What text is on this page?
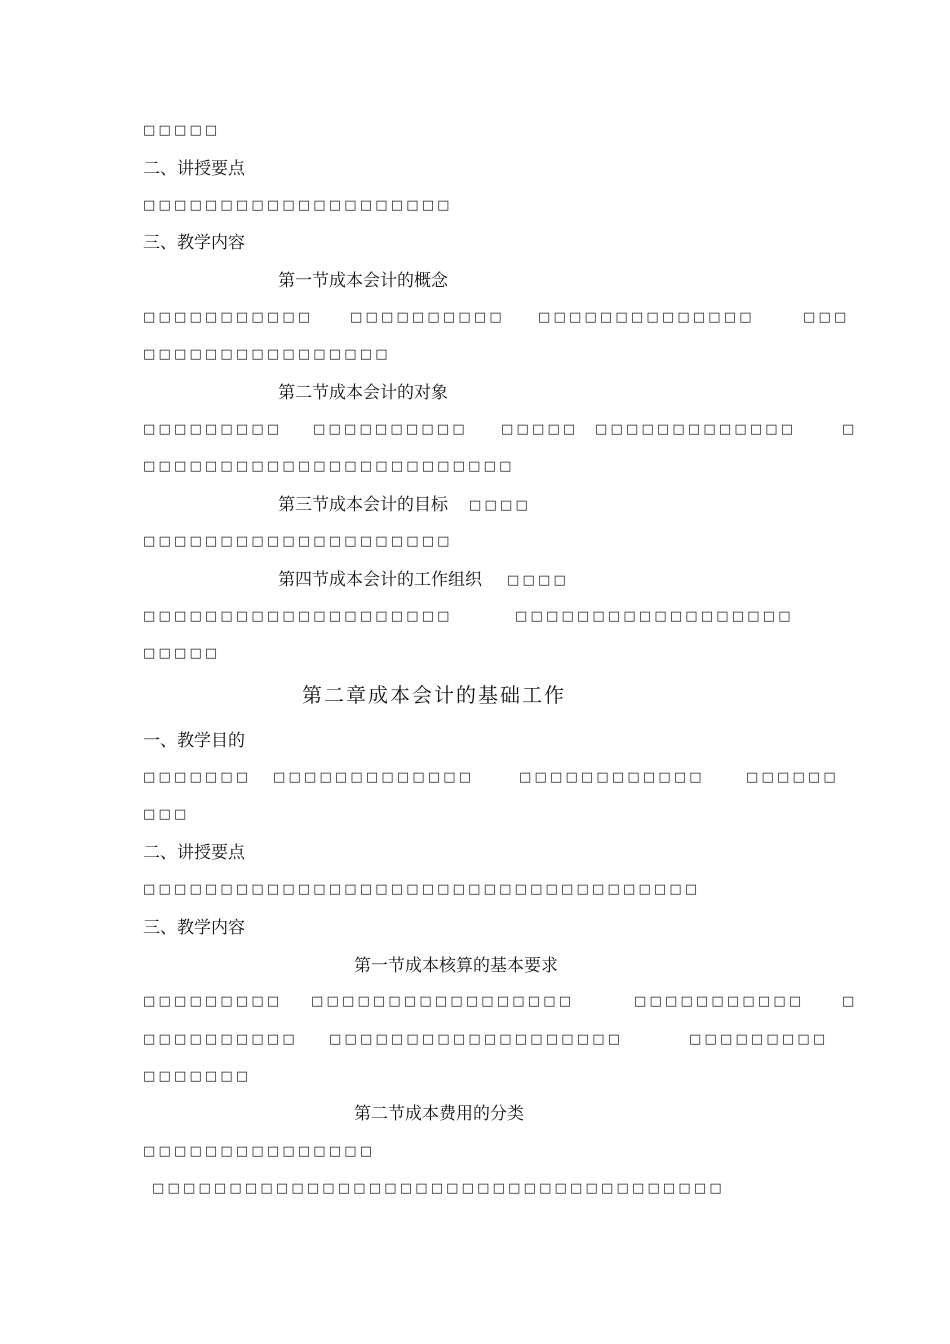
□□□□□
二、讲授要点
□□□□□□□□□□□□□□□□□□□□
三、教学内容
第一节成本会计的概念
□□□□□□□□□□□	□□□□□□□□□□	□□□□□□□□□□□□□□	□□□
□□□□□□□□□□□□□□□□
第二节成本会计的对象
□□□□□□□□□ □□□□□□□□□□	□□□□□ □□□□□□□□□□□□□	□
□□□□□□□□□□□□□□□□□□□□□□□□
第三节成本会计的目标 □□□□
□□□□□□□□□□□□□□□□□□□□
第四节成本会计的工作组织 □□□□
□□□□□□□□□□□□□□□□□□□□	□□□□□□□□□□□□□□□□□□
□□□□□
第二章成本会计的基础工作
一、教学目的
□□□□□□□ □□□□□□□□□□□□□	□□□□□□□□□□□□	□□□□□□
□□□
二、讲授要点
□□□□□□□□□□□□□□□□□□□□□□□□□□□□□□□□□□□□
三、教学内容
第一节成本核算的基本要求
□□□□□□□□□ □□□□□□□□□□□□□□□□□	□□□□□□□□□□□	□
□□□□□□□□□□ □□□□□□□□□□□□□□□□□□□	□□□□□□□□□
□□□□□□□
第二节成本费用的分类
□□□□□□□□□□□□□□□
□□□□□□□□□□□□□□□□□□□□□□□□□□□□□□□□□□□□□
